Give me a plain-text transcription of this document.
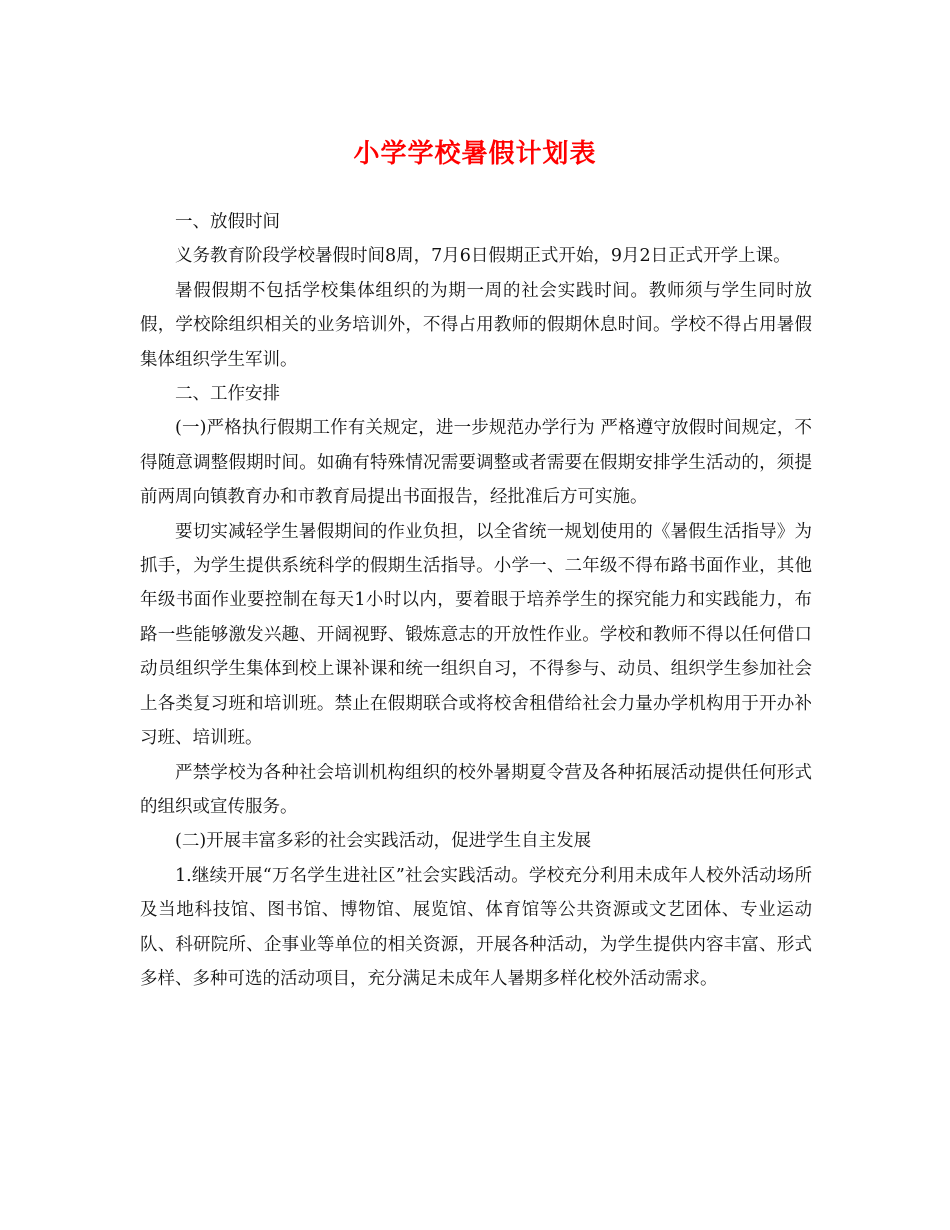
小学学校暑假计划表

一、放假时间

义务教育阶段学校暑假时间8周，7月6日假期正式开始，9月2日正式开学上课。

暑假假期不包括学校集体组织的为期一周的社会实践时间。教师须与学生同时放假，学校除组织相关的业务培训外，不得占用教师的假期休息时间。学校不得占用暑假集体组织学生军训。

二、工作安排

(一)严格执行假期工作有关规定，进一步规范办学行为 严格遵守放假时间规定，不得随意调整假期时间。如确有特殊情况需要调整或者需要在假期安排学生活动的，须提前两周向镇教育办和市教育局提出书面报告，经批准后方可实施。

要切实减轻学生暑假期间的作业负担，以全省统一规划使用的《暑假生活指导》为抓手，为学生提供系统科学的假期生活指导。小学一、二年级不得布路书面作业，其他年级书面作业要控制在每天1小时以内，要着眼于培养学生的探究能力和实践能力，布路一些能够激发兴趣、开阔视野、锻炼意志的开放性作业。学校和教师不得以任何借口动员组织学生集体到校上课补课和统一组织自习，不得参与、动员、组织学生参加社会上各类复习班和培训班。禁止在假期联合或将校舍租借给社会力量办学机构用于开办补习班、培训班。

严禁学校为各种社会培训机构组织的校外暑期夏令营及各种拓展活动提供任何形式的组织或宣传服务。

(二)开展丰富多彩的社会实践活动，促进学生自主发展

1.继续开展“万名学生进社区”社会实践活动。学校充分利用未成年人校外活动场所及当地科技馆、图书馆、博物馆、展览馆、体育馆等公共资源或文艺团体、专业运动队、科研院所、企事业等单位的相关资源，开展各种活动，为学生提供内容丰富、形式多样、多种可选的活动项目，充分满足未成年人暑期多样化校外活动需求。
